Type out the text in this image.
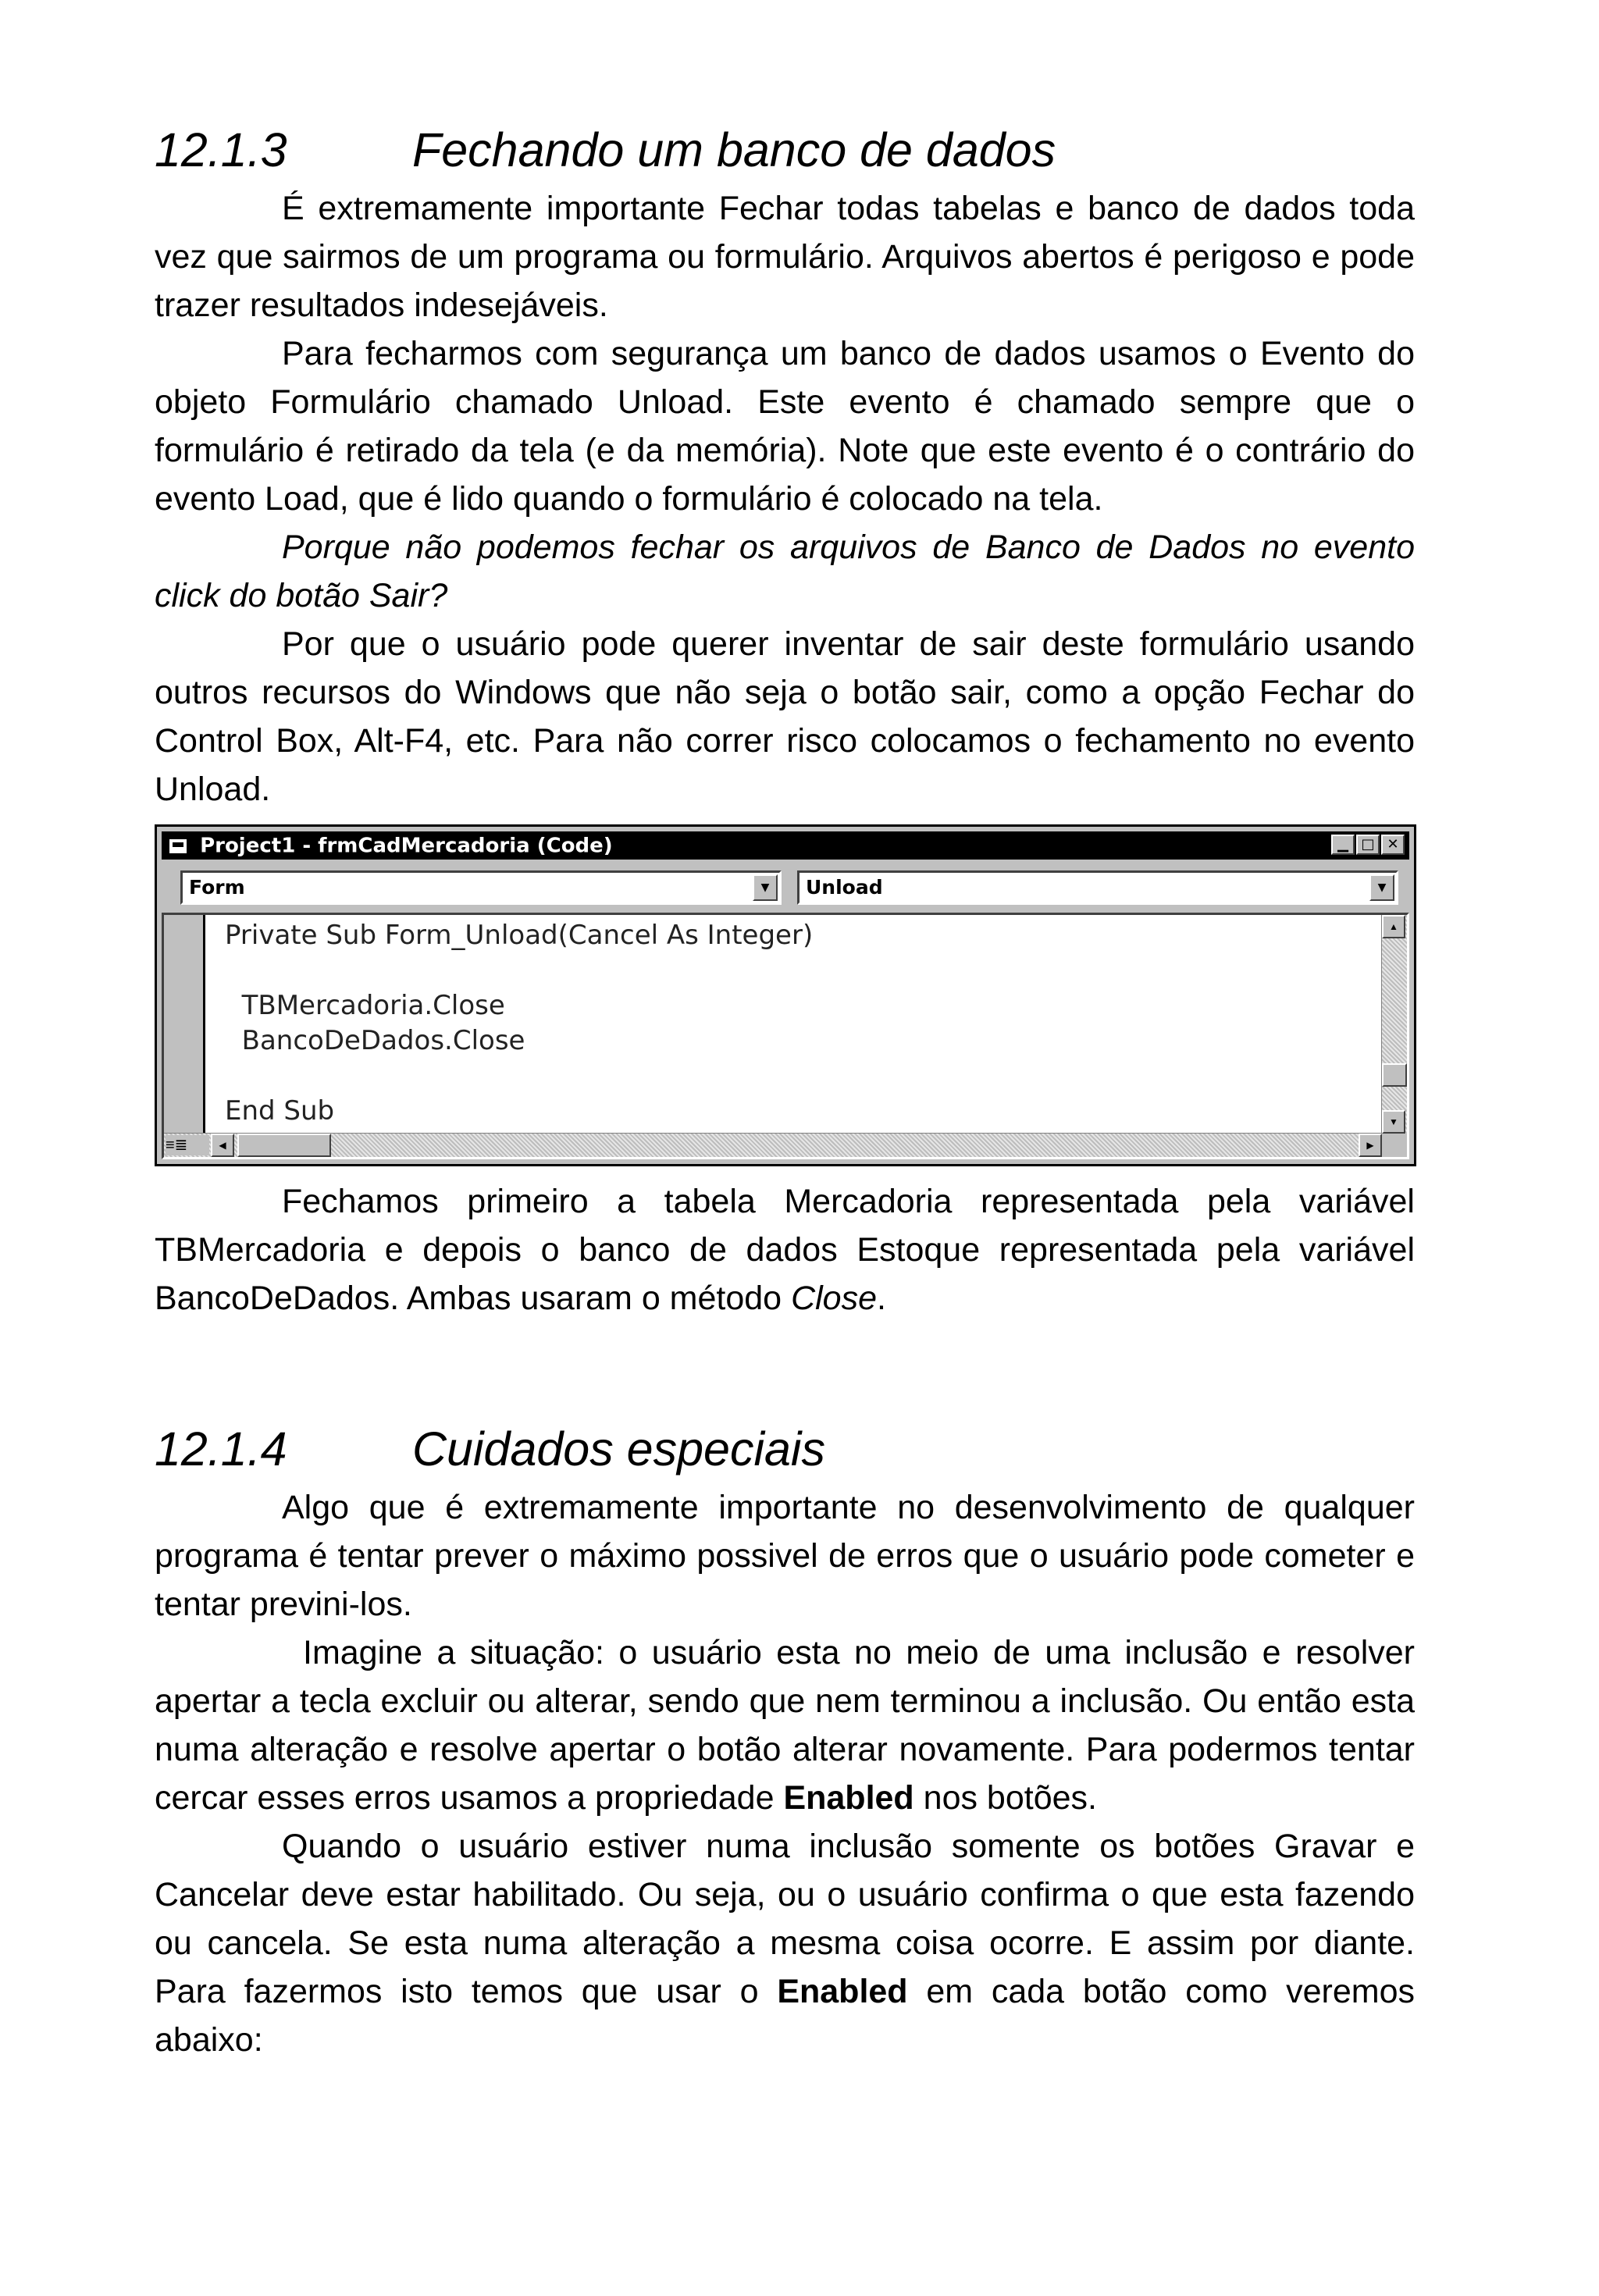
12.1.3	Fechando um banco de dados

É extremamente importante Fechar todas tabelas e banco de dados toda vez que sairmos de um programa ou formulário. Arquivos abertos é perigoso e pode trazer resultados indesejáveis.

Para fecharmos com segurança um banco de dados usamos o Evento do objeto Formulário chamado Unload. Este evento é chamado sempre que o formulário é retirado da tela (e da memória). Note que este evento é o contrário do evento Load, que é lido quando o formulário é colocado na tela.

Porque não podemos fechar os arquivos de Banco de Dados no evento click do botão Sair?

Por que o usuário pode querer inventar de sair deste formulário usando outros recursos do Windows que não seja o botão sair, como a opção Fechar do Control Box, Alt-F4, etc. Para não correr risco colocamos o fechamento no evento Unload.

Project1 - frmCadMercadoria (Code)	▁ □ ✕
Form	▼	Unload	▼
Private Sub Form_Unload(Cancel As Integer)
TBMercadoria.Close
BancoDeDados.Close
End Sub
▲
▼
≡≣	◀	▶

Fechamos primeiro a tabela Mercadoria representada pela variável TBMercadoria e depois o banco de dados Estoque representada pela variável BancoDeDados. Ambas usaram o método Close.

12.1.4	Cuidados especiais

Algo que é extremamente importante no desenvolvimento de qualquer programa é tentar prever o máximo possivel de erros que o usuário pode cometer e tentar previni-los.

Imagine a situação: o usuário esta no meio de uma inclusão e resolver apertar a tecla excluir ou alterar, sendo que nem terminou a inclusão. Ou então esta numa alteração e resolve apertar o botão alterar novamente. Para podermos tentar cercar esses erros usamos a propriedade Enabled nos botões.

Quando o usuário estiver numa inclusão somente os botões Gravar e Cancelar deve estar habilitado. Ou seja, ou o usuário confirma o que esta fazendo ou cancela. Se esta numa alteração a mesma coisa ocorre. E assim por diante. Para fazermos isto temos que usar o Enabled em cada botão como veremos abaixo:
